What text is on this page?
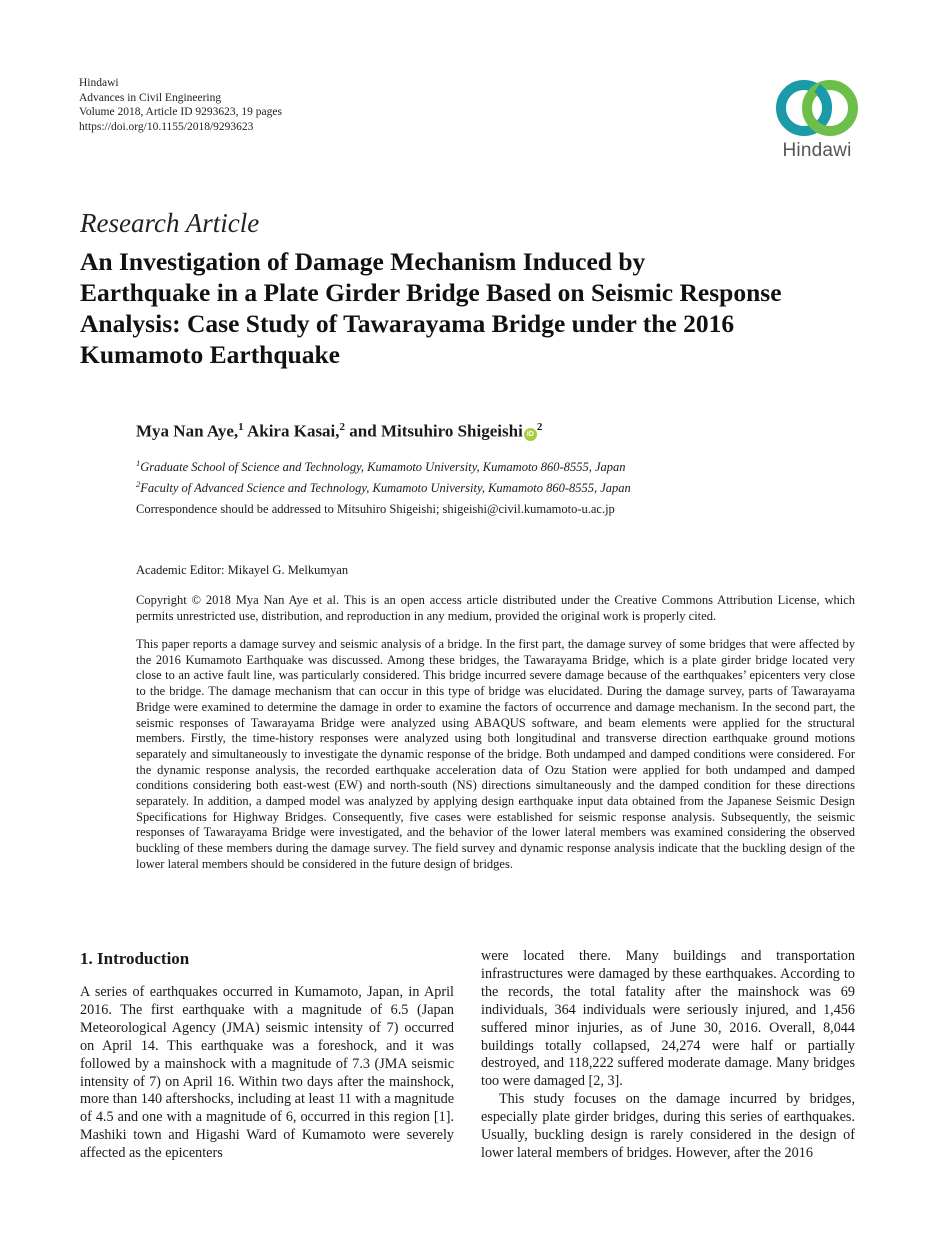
Hindawi
Advances in Civil Engineering
Volume 2018, Article ID 9293623, 19 pages
https://doi.org/10.1155/2018/9293623
Hindawi
Research Article
An Investigation of Damage Mechanism Induced by
Earthquake in a Plate Girder Bridge Based on Seismic Response
Analysis: Case Study of Tawarayama Bridge under the 2016
Kumamoto Earthquake
Mya Nan Aye,$^1$ Akira Kasai,$^2$ and Mitsuhiro Shigeishi $iD^2$
$^1$Graduate School of Science and Technology, Kumamoto University, Kumamoto 860-8555, Japan
$^2$Faculty of Advanced Science and Technology, Kumamoto University, Kumamoto 860-8555, Japan
Correspondence should be addressed to Mitsuhiro Shigeishi; shigeishi@civil.kumamoto-u.ac.jp
Academic Editor: Mikayel G. Melkumyan
Copyright © 2018 Mya Nan Aye et al. This is an open access article distributed under the Creative Commons Attribution License, which permits unrestricted use, distribution, and reproduction in any medium, provided the original work is properly cited.
This paper reports a damage survey and seismic analysis of a bridge. In the first part, the damage survey of some bridges that were affected by the 2016 Kumamoto Earthquake was discussed. Among these bridges, the Tawarayama Bridge, which is a plate girder bridge located very close to an active fault line, was particularly considered. This bridge incurred severe damage because of the earthquakes’ epicenters very close to the bridge. The damage mechanism that can occur in this type of bridge was elucidated. During the damage survey, parts of Tawarayama Bridge were examined to determine the damage in order to examine the factors of occurrence and damage mechanism. In the second part, the seismic responses of Tawarayama Bridge were analyzed using ABAQUS software, and beam elements were applied for the structural members. Firstly, the time-history responses were analyzed using both longitudinal and transverse direction earthquake ground motions separately and simultaneously to investigate the dynamic response of the bridge. Both undamped and damped conditions were considered. For the dynamic response analysis, the recorded earthquake acceleration data of Ozu Station were applied for both undamped and damped conditions considering both east-west (EW) and north-south (NS) directions simultaneously and the damped condition for these directions separately. In addition, a damped model was analyzed by applying design earthquake input data obtained from the Japanese Seismic Design Specifications for Highway Bridges. Consequently, five cases were established for seismic response analysis. Subsequently, the seismic responses of Tawarayama Bridge were investigated, and the behavior of the lower lateral members was examined considering the observed buckling of these members during the damage survey. The field survey and dynamic response analysis indicate that the buckling design of the lower lateral members should be considered in the future design of bridges.
1. Introduction

A series of earthquakes occurred in Kumamoto, Japan, in April 2016. The first earthquake with a magnitude of 6.5 (Japan Meteorological Agency (JMA) seismic intensity of 7) occurred on April 14. This earthquake was a foreshock, and it was followed by a mainshock with a magnitude of 7.3 (JMA seismic intensity of 7) on April 16. Within two days after the mainshock, more than 140 aftershocks, including at least 11 with a magnitude of 4.5 and one with a magnitude of 6, occurred in this region [1]. Mashiki town and Higashi Ward of Kumamoto were severely affected as the epicenters

were located there. Many buildings and transportation infrastructures were damaged by these earthquakes. According to the records, the total fatality after the mainshock was 69 individuals, 364 individuals were seriously injured, and 1,456 suffered minor injuries, as of June 30, 2016. Overall, 8,044 buildings totally collapsed, 24,274 were half or partially destroyed, and 118,222 suffered moderate damage. Many bridges too were damaged [2, 3].

This study focuses on the damage incurred by bridges, especially plate girder bridges, during this series of earthquakes. Usually, buckling design is rarely considered in the design of lower lateral members of bridges. However, after the 2016
